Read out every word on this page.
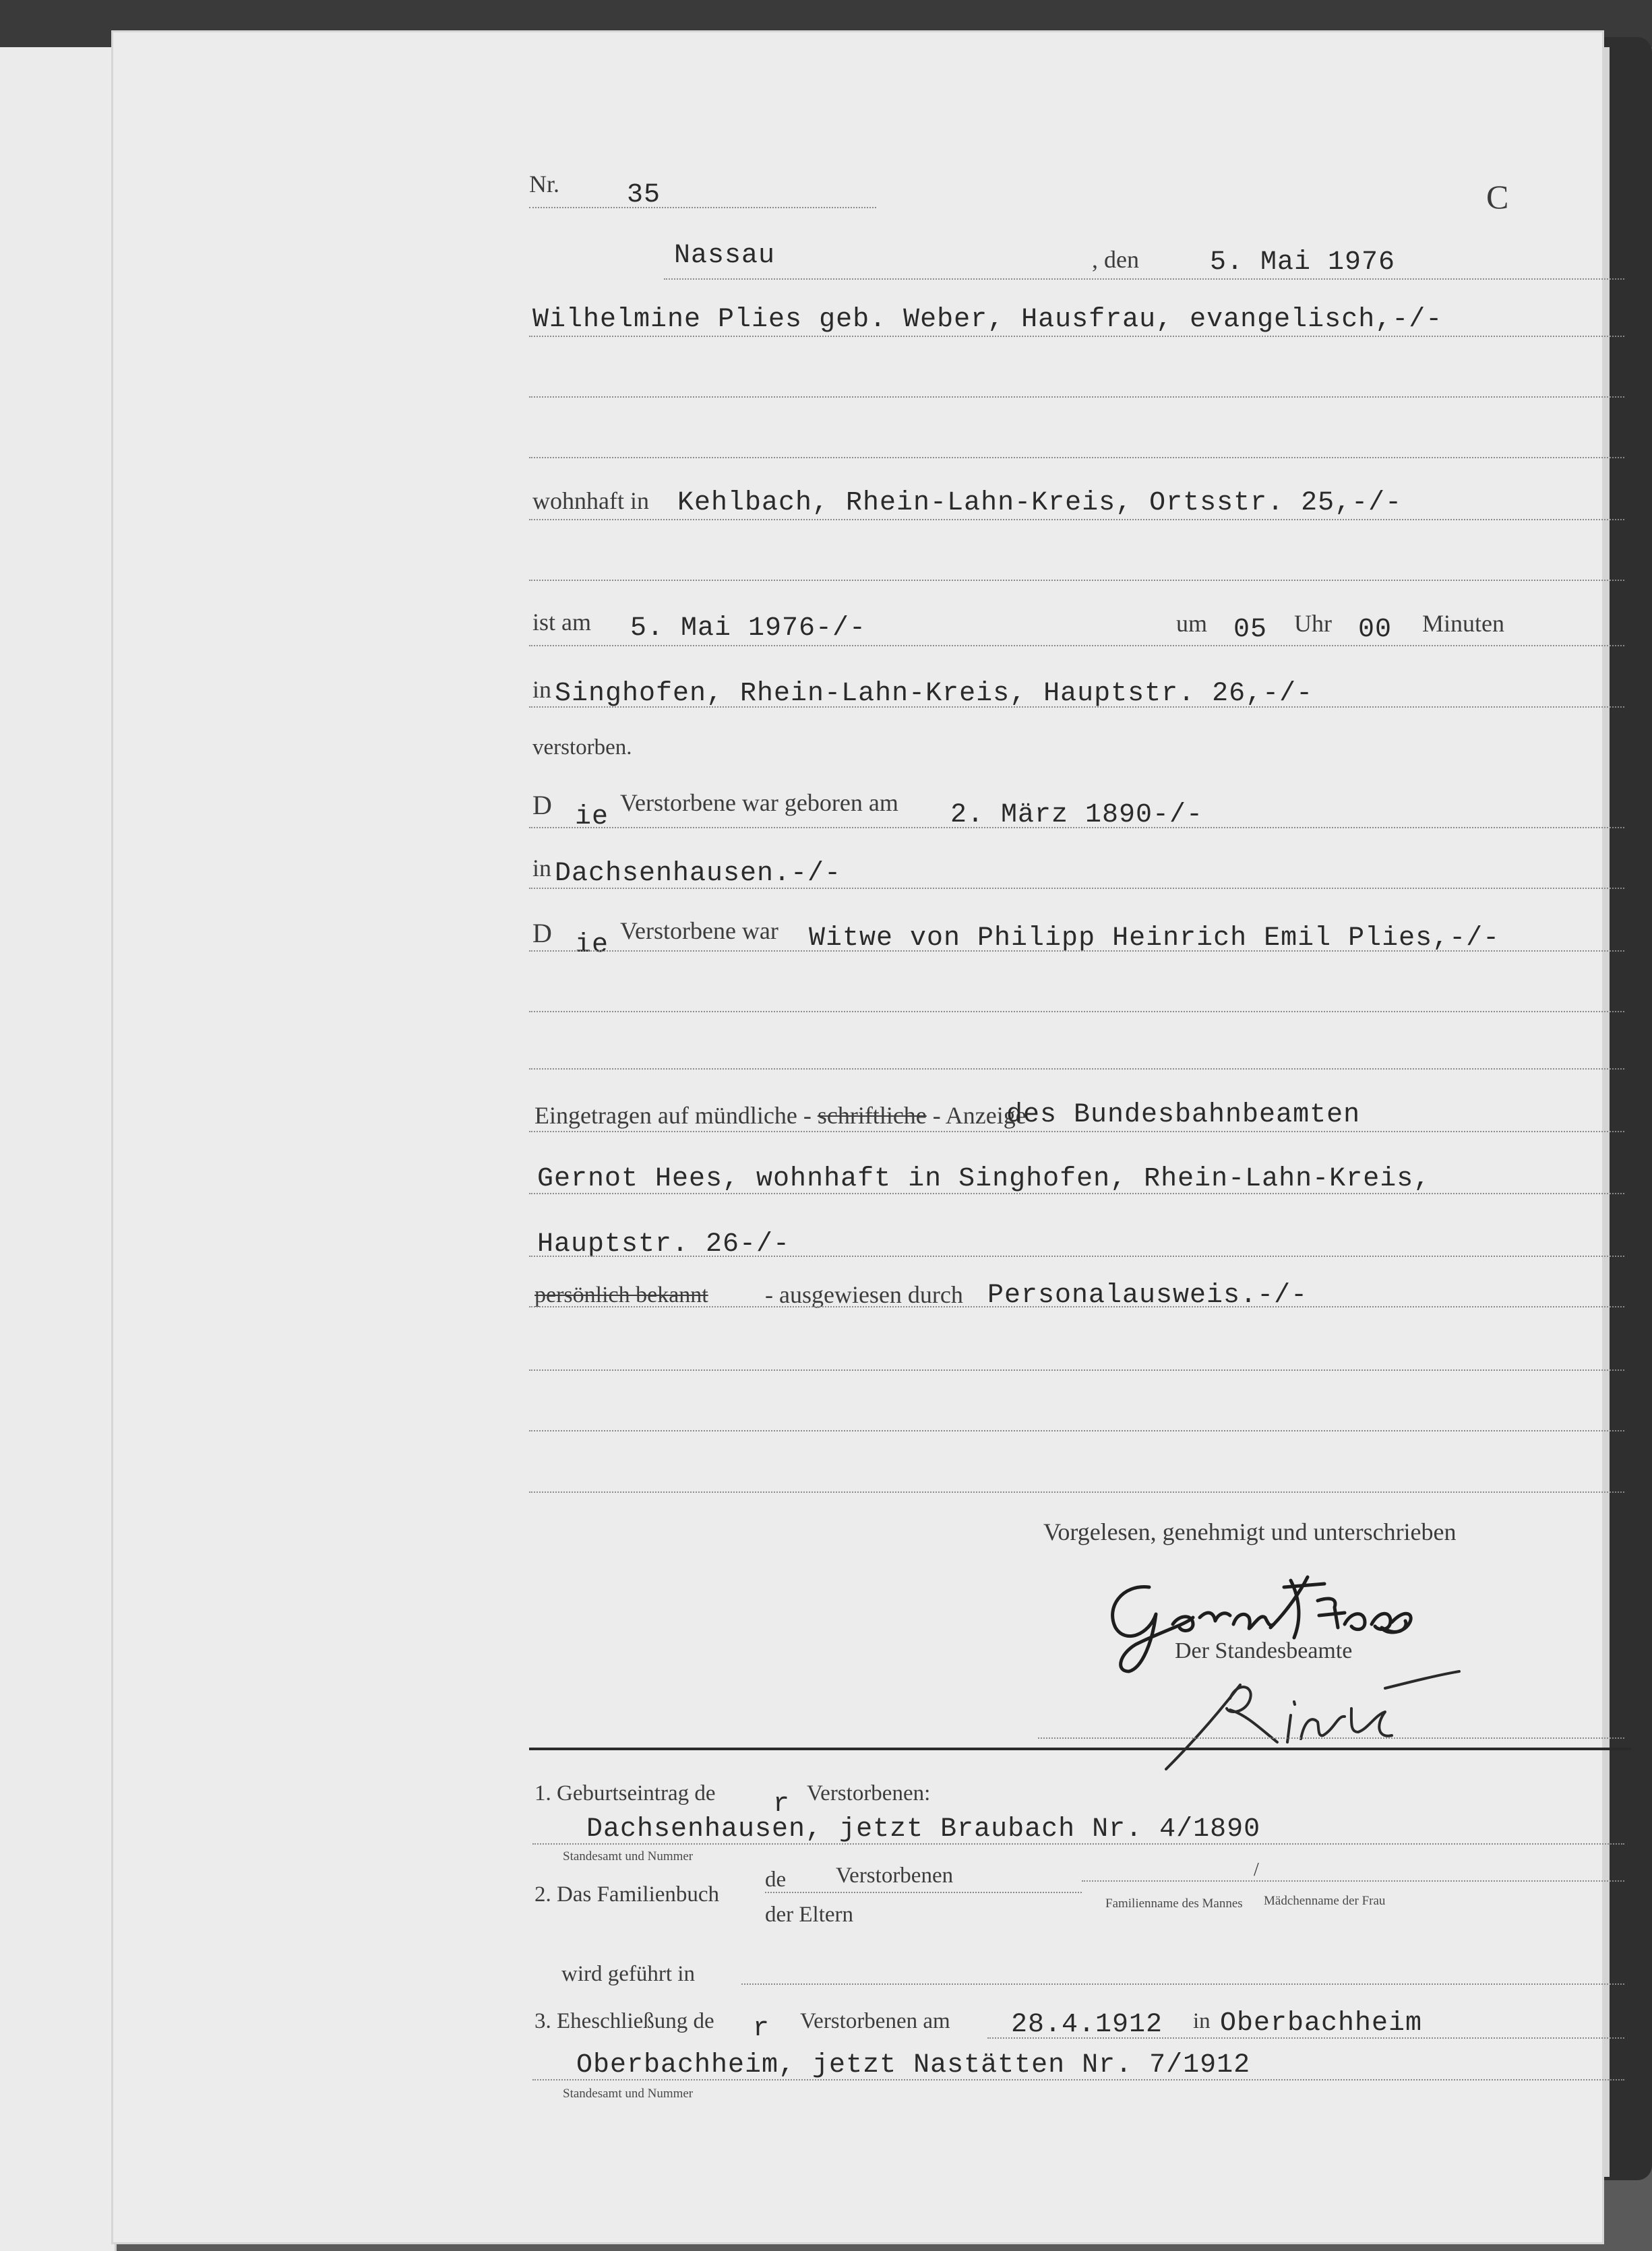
Nr.	35	C
Nassau	, den	5. Mai 1976
Wilhelmine Plies geb. Weber, Hausfrau, evangelisch,-/-
wohnhaft in Kehlbach, Rhein-Lahn-Kreis, Ortsstr. 25,-/-
ist am 5. Mai 1976-/-	um 05 Uhr 00 Minuten
in Singhofen, Rhein-Lahn-Kreis, Hauptstr. 26,-/-
verstorben.
D ie Verstorbene war geboren am 2. März 1890-/-
in Dachsenhausen.-/-
D ie Verstorbene war Witwe von Philipp Heinrich Emil Plies,-/-
Eingetragen auf mündliche - schriftliche - Anzeige
des Bundesbahnbeamten
Gernot Hees, wohnhaft in Singhofen, Rhein-Lahn-Kreis,
Hauptstr. 26-/-
persönlich bekannt - ausgewiesen durch Personalausweis.-/-
Vorgelesen, genehmigt und unterschrieben
Der Standesbeamte
1. Geburtseintrag de r Verstorbenen:
Dachsenhausen, jetzt Braubach Nr. 4/1890
Standesamt und Nummer
2. Das Familienbuch
de Verstorbenen
der Eltern	Familienname des Mannes
/
Mädchenname der Frau
wird geführt in
3. Eheschließung de r Verstorbenen am 28.4.1912 in Oberbachheim
Oberbachheim, jetzt Nastätten Nr. 7/1912
Standesamt und Nummer
